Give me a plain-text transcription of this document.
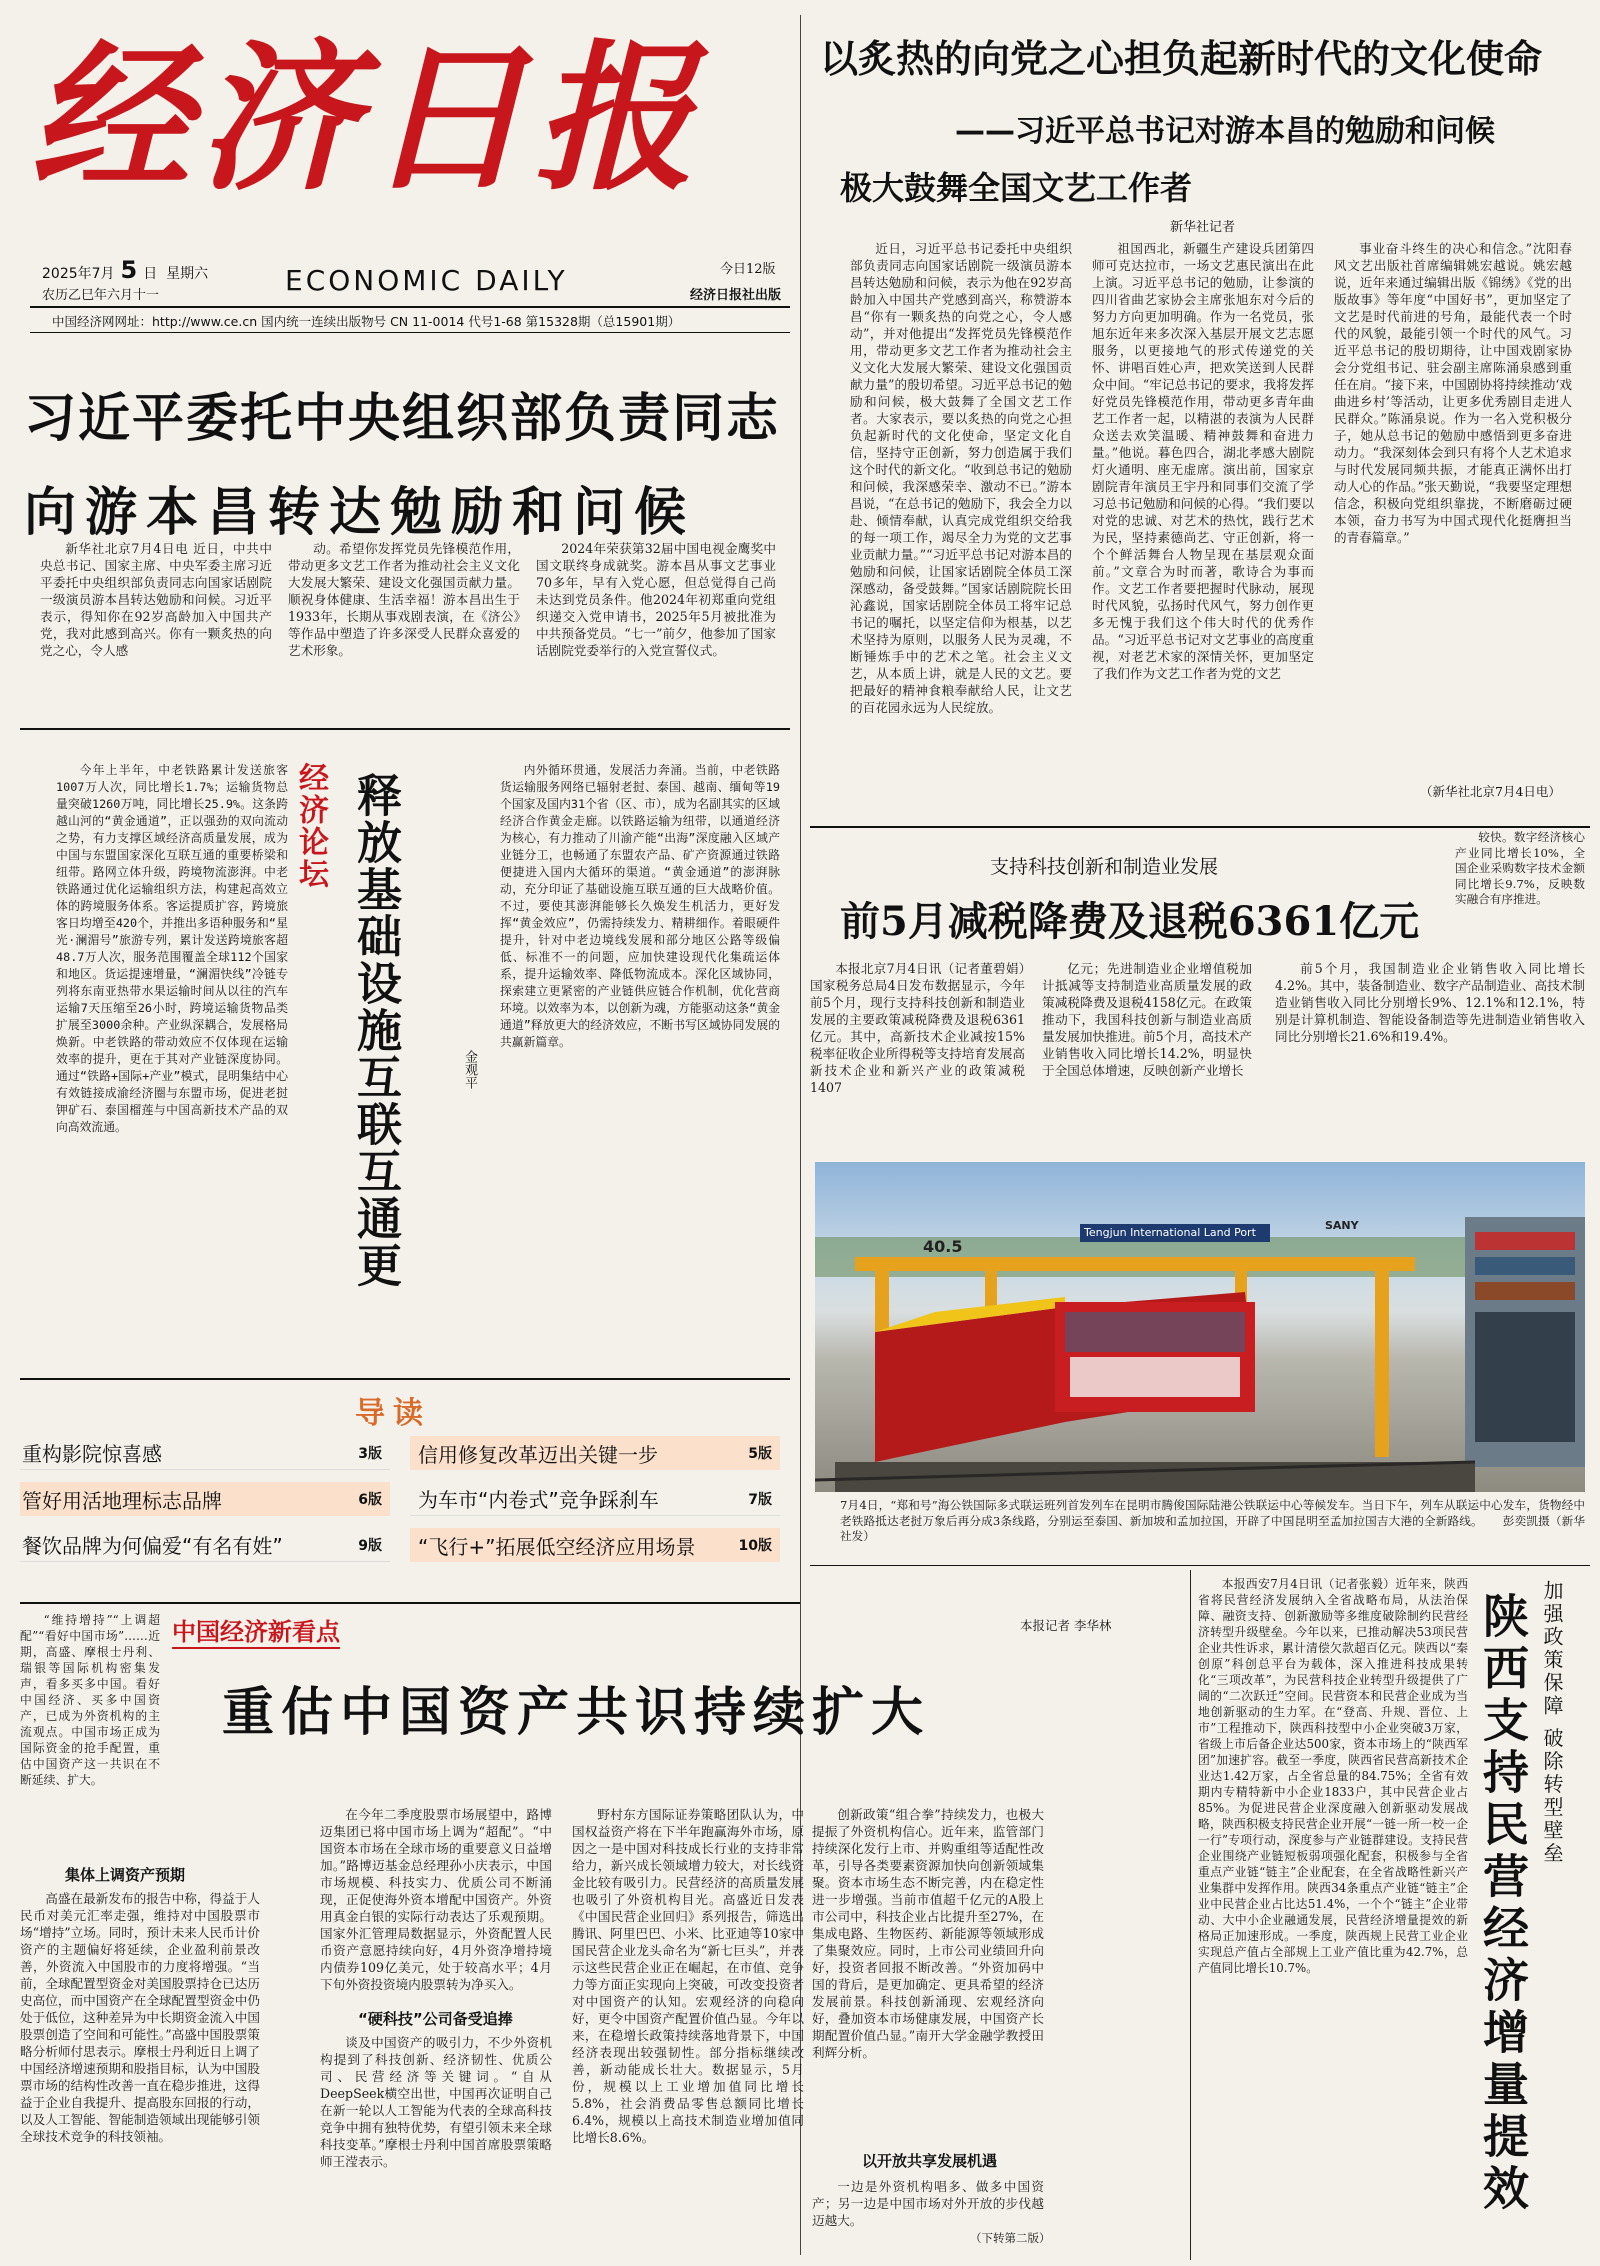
经济日报
2025年7月 5 日 星期六
农历乙巳年六月十一	ECONOMIC DAILY	今日12版
经济日报社出版
中国经济网网址：http://www.ce.cn 国内统一连续出版物号 CN 11-0014 代号1-68 第15328期（总15901期）
以炙热的向党之心担负起新时代的文化使命
——习近平总书记对游本昌的勉励和问候
极大鼓舞全国文艺工作者
新华社记者

近日，习近平总书记委托中央组织部负责同志向国家话剧院一级演员游本昌转达勉励和问候，表示为他在92岁高龄加入中国共产党感到高兴，称赞游本昌“你有一颗炙热的向党之心，令人感动”，并对他提出“发挥党员先锋模范作用，带动更多文艺工作者为推动社会主义文化大发展大繁荣、建设文化强国贡献力量”的殷切希望。习近平总书记的勉励和问候，极大鼓舞了全国文艺工作者。大家表示，要以炙热的向党之心担负起新时代的文化使命，坚定文化自信，坚持守正创新，努力创造属于我们这个时代的新文化。“收到总书记的勉励和问候，我深感荣幸、激动不已。”游本昌说，“在总书记的勉励下，我会全力以赴、倾情奉献，认真完成党组织交给我的每一项工作，竭尽全力为党的文艺事业贡献力量。”“习近平总书记对游本昌的勉励和问候，让国家话剧院全体员工深深感动，备受鼓舞。”国家话剧院院长田沁鑫说，国家话剧院全体员工将牢记总书记的嘱托，以坚定信仰为根基，以艺术坚持为原则，以服务人民为灵魂，不断锤炼手中的艺术之笔。社会主义文艺，从本质上讲，就是人民的文艺。要把最好的精神食粮奉献给人民，让文艺的百花园永远为人民绽放。

祖国西北，新疆生产建设兵团第四师可克达拉市，一场文艺惠民演出在此上演。习近平总书记的勉励，让参演的四川省曲艺家协会主席张旭东对今后的努力方向更加明确。作为一名党员，张旭东近年来多次深入基层开展文艺志愿服务，以更接地气的形式传递党的关怀、讲唱百姓心声，把欢笑送到人民群众中间。“牢记总书记的要求，我将发挥好党员先锋模范作用，带动更多青年曲艺工作者一起，以精湛的表演为人民群众送去欢笑温暖、精神鼓舞和奋进力量。”他说。暮色四合，湖北孝感大剧院灯火通明、座无虚席。演出前，国家京剧院青年演员王宇丹和同事们交流了学习总书记勉励和问候的心得。“我们要以对党的忠诚、对艺术的热忱，践行艺术为民，坚持素德尚艺、守正创新，将一个个鲜活舞台人物呈现在基层观众面前。”文章合为时而著，歌诗合为事而作。文艺工作者要把握时代脉动，展现时代风貌，弘扬时代风气，努力创作更多无愧于我们这个伟大时代的优秀作品。“习近平总书记对文艺事业的高度重视，对老艺术家的深情关怀，更加坚定了我们作为文艺工作者为党的文艺

事业奋斗终生的决心和信念。”沈阳春风文艺出版社首席编辑姚宏越说。姚宏越说，近年来通过编辑出版《锦绣》《党的出版故事》等年度“中国好书”，更加坚定了文艺是时代前进的号角，最能代表一个时代的风貌，最能引领一个时代的风气。习近平总书记的殷切期待，让中国戏剧家协会分党组书记、驻会副主席陈涌泉感到重任在肩。“接下来，中国剧协将持续推动‘戏曲进乡村’等活动，让更多优秀剧目走进人民群众。”陈涌泉说。作为一名入党积极分子，她从总书记的勉励中感悟到更多奋进动力。“我深刻体会到只有将个人艺术追求与时代发展同频共振，才能真正满怀出打动人心的作品。”张天勤说，“我要坚定理想信念，积极向党组织靠拢，不断磨砺过硬本领，奋力书写为中国式现代化挺膺担当的青春篇章。”

（新华社北京7月4日电）
习近平委托中央组织部负责同志
向游本昌转达勉励和问候

新华社北京7月4日电 近日，中共中央总书记、国家主席、中央军委主席习近平委托中央组织部负责同志向国家话剧院一级演员游本昌转达勉励和问候。习近平表示，得知你在92岁高龄加入中国共产党，我对此感到高兴。你有一颗炙热的向党之心，令人感

动。希望你发挥党员先锋模范作用，带动更多文艺工作者为推动社会主义文化大发展大繁荣、建设文化强国贡献力量。顺祝身体健康、生活幸福！游本昌出生于1933年，长期从事戏剧表演，在《济公》等作品中塑造了许多深受人民群众喜爱的艺术形象。

2024年荣获第32届中国电视金鹰奖中国文联终身成就奖。游本昌从事文艺事业70多年，早有入党心愿，但总觉得自己尚未达到党员条件。他2024年初郑重向党组织递交入党申请书，2025年5月被批准为中共预备党员。“七一”前夕，他参加了国家话剧院党委举行的入党宣誓仪式。

今年上半年，中老铁路累计发送旅客1007万人次，同比增长1.7%；运输货物总量突破1260万吨，同比增长25.9%。这条跨越山河的“黄金通道”，正以强劲的双向流动之势，有力支撑区域经济高质量发展，成为中国与东盟国家深化互联互通的重要桥梁和纽带。路网立体升级，跨境物流澎湃。中老铁路通过优化运输组织方法，构建起高效立体的跨境服务体系。客运提质扩容，跨境旅客日均增至420个，并推出多语种服务和“星光·澜湄号”旅游专列，累计发送跨境旅客超48.7万人次，服务范围覆盖全球112个国家和地区。货运提速增量，“澜湄快线”冷链专列将东南亚热带水果运输时间从以往的汽车运输7天压缩至26小时，跨境运输货物品类扩展至3000余种。产业纵深耦合，发展格局焕新。中老铁路的带动效应不仅体现在运输效率的提升，更在于其对产业链深度协同。通过“铁路+国际+产业”模式，昆明集结中心有效链接成渝经济圈与东盟市场，促进老挝钾矿石、泰国榴莲与中国高新技术产品的双向高效流通。

经济论坛 释放基础设施互联互通更
金观平

内外循环贯通，发展活力奔涌。当前，中老铁路货运输服务网络已辐射老挝、泰国、越南、缅甸等19个国家及国内31个省（区、市），成为名副其实的区域经济合作黄金走廊。以铁路运输为纽带，以通道经济为核心，有力推动了川渝产能“出海”深度融入区域产业链分工，也畅通了东盟农产品、矿产资源通过铁路便捷进入国内大循环的渠道。“黄金通道”的澎湃脉动，充分印证了基础设施互联互通的巨大战略价值。不过，要使其澎湃能够长久焕发生机活力，更好发挥“黄金效应”，仍需持续发力、精耕细作。着眼硬件提升，针对中老边境线发展和部分地区公路等级偏低、标准不一的问题，应加快建设现代化集疏运体系，提升运输效率、降低物流成本。深化区域协同，探索建立更紧密的产业链供应链合作机制，优化营商环境。以效率为本，以创新为魂，方能驱动这条“黄金通道”释放更大的经济效应，不断书写区域协同发展的共赢新篇章。

导读
重构影院惊喜感	3版	信用修复改革迈出关键一步	5版
管好用活地理标志品牌	6版	为车市“内卷式”竞争踩刹车	7版
餐饮品牌为何偏爱“有名有姓”	9版	“飞行+”拓展低空经济应用场景	10版
支持科技创新和制造业发展
前5月减税降费及退税6361亿元

本报北京7月4日讯（记者董碧娟）国家税务总局4日发布数据显示，今年前5个月，现行支持科技创新和制造业发展的主要政策减税降费及退税6361亿元。其中，高新技术企业减按15%税率征收企业所得税等支持培育发展高新技术企业和新兴产业的政策减税1407

亿元；先进制造业企业增值税加计抵减等支持制造业高质量发展的政策减税降费及退税4158亿元。在政策推动下，我国科技创新与制造业高质量发展加快推进。前5个月，高技术产业销售收入同比增长14.2%，明显快于全国总体增速，反映创新产业增长

较快。数字经济核心产业同比增长10%，全国企业采购数字技术金额同比增长9.7%，反映数实融合有序推进。

前5个月，我国制造业企业销售收入同比增长4.2%。其中，装备制造业、数字产品制造业、高技术制造业销售收入同比分别增长9%、12.1%和12.1%，特别是计算机制造、智能设备制造等先进制造业销售收入同比分别增长21.6%和19.4%。

Tengjun International Land Port
SANY
40.5
7月4日，“郑和号”海公铁国际多式联运班列首发列车在昆明市腾俊国际陆港公铁联运中心等候发车。当日下午，列车从联运中心发车，货物经中老铁路抵达老挝万象后再分成3条线路，分别运至泰国、新加坡和孟加拉国，开辟了中国昆明至孟加拉国吉大港的全新路线。 彭奕凯摄（新华社发）

“维持增持”“上调超配”“看好中国市场”……近期，高盛、摩根士丹利、瑞银等国际机构密集发声，看多买多中国。看好中国经济、买多中国资产，已成为外资机构的主流观点。中国市场正成为国际资金的抢手配置，重估中国资产这一共识在不断延续、扩大。

中国经济新看点	本报记者 李华林
重估中国资产共识持续扩大
集体上调资产预期

高盛在最新发布的报告中称，得益于人民币对美元汇率走强，维持对中国股票市场“增持”立场。同时，预计未来人民币计价资产的主题偏好将延续，企业盈利前景改善，外资流入中国股市的力度将增强。“当前，全球配置型资金对美国股票持仓已达历史高位，而中国资产在全球配置型资金中仍处于低位，这种差异为中长期资金流入中国股票创造了空间和可能性。”高盛中国股票策略分析师付思表示。摩根士丹利近日上调了中国经济增速预期和股指目标，认为中国股票市场的结构性改善一直在稳步推进，这得益于企业自我提升、提高股东回报的行动，以及人工智能、智能制造领域出现能够引领全球技术竞争的科技领袖。

在今年二季度股票市场展望中，路博迈集团已将中国市场上调为“超配”。“中国资本市场在全球市场的重要意义日益增加。”路博迈基金总经理孙小庆表示，中国市场规模、科技实力、优质公司不断涌现，正促使海外资本增配中国资产。外资用真金白银的实际行动表达了乐观预期。国家外汇管理局数据显示，外资配置人民币资产意愿持续向好，4月外资净增持境内债券109亿美元，处于较高水平；4月下旬外资投资境内股票转为净买入。

“硬科技”公司备受追捧

谈及中国资产的吸引力，不少外资机构提到了科技创新、经济韧性、优质公司、民营经济等关键词。“自从DeepSeek横空出世，中国再次证明自己在新一轮以人工智能为代表的全球高科技竞争中拥有独特优势，有望引领未来全球科技变革。”摩根士丹利中国首席股票策略师王滢表示。

野村东方国际证券策略团队认为，中国权益资产将在下半年跑赢海外市场，原因之一是中国对科技成长行业的支持非常给力，新兴成长领域增力较大，对长线资金比较有吸引力。民营经济的高质量发展也吸引了外资机构目光。高盛近日发表《中国民营企业回归》系列报告，筛选出腾讯、阿里巴巴、小米、比亚迪等10家中国民营企业龙头命名为“新七巨头”，并表示这些民营企业正在崛起，在市值、竞争力等方面正实现向上突破，可改变投资者对中国资产的认知。宏观经济的向稳向好，更令中国资产配置价值凸显。今年以来，在稳增长政策持续落地背景下，中国经济表现出较强韧性。部分指标继续改善，新动能成长壮大。数据显示，5月份，规模以上工业增加值同比增长5.8%，社会消费品零售总额同比增长6.4%，规模以上高技术制造业增加值同比增长8.6%。

创新政策“组合拳”持续发力，也极大提振了外资机构信心。近年来，监管部门持续深化发行上市、并购重组等适配性改革，引导各类要素资源加快向创新领域集聚。资本市场生态不断完善，内在稳定性进一步增强。当前市值超千亿元的A股上市公司中，科技企业占比提升至27%，在集成电路、生物医药、新能源等领域形成了集聚效应。同时，上市公司业绩回升向好，投资者回报不断改善。“外资加码中国的背后，是更加确定、更具希望的经济发展前景。科技创新涌现、宏观经济向好，叠加资本市场健康发展，中国资产长期配置价值凸显。”南开大学金融学教授田利辉分析。

以开放共享发展机遇

一边是外资机构唱多、做多中国资产；另一边是中国市场对外开放的步伐越迈越大。

（下转第二版）

本报西安7月4日讯（记者张毅）近年来，陕西省将民营经济发展纳入全省战略布局，从法治保障、融资支持、创新激励等多维度破除制约民营经济转型升级壁垒。今年以来，已推动解决53项民营企业共性诉求，累计清偿欠款超百亿元。陕西以“秦创原”科创总平台为载体，深入推进科技成果转化“三项改革”，为民营科技企业转型升级提供了广阔的“二次跃迁”空间。民营资本和民营企业成为当地创新驱动的生力军。在“登高、升规、晋位、上市”工程推动下，陕西科技型中小企业突破3万家，省级上市后备企业达500家，资本市场上的“陕西军团”加速扩容。截至一季度，陕西省民营高新技术企业达1.42万家，占全省总量的84.75%；全省有效期内专精特新中小企业1833户，其中民营企业占85%。为促进民营企业深度融入创新驱动发展战略，陕西积极支持民营企业开展“一链一所一校一企一行”专项行动，深度参与产业链群建设。支持民营企业围绕产业链短板弱项强化配套，积极参与全省重点产业链“链主”企业配套，在全省战略性新兴产业集群中发挥作用。陕西34条重点产业链“链主”企业中民营企业占比达51.4%，一个个“链主”企业带动、大中小企业融通发展，民营经济增量提效的新格局正加速形成。一季度，陕西规上民营工业企业实现总产值占全部规上工业产值比重为42.7%，总产值同比增长10.7%。

加强政策保障 破除转型壁垒
陕西支持民营经济增量提效
